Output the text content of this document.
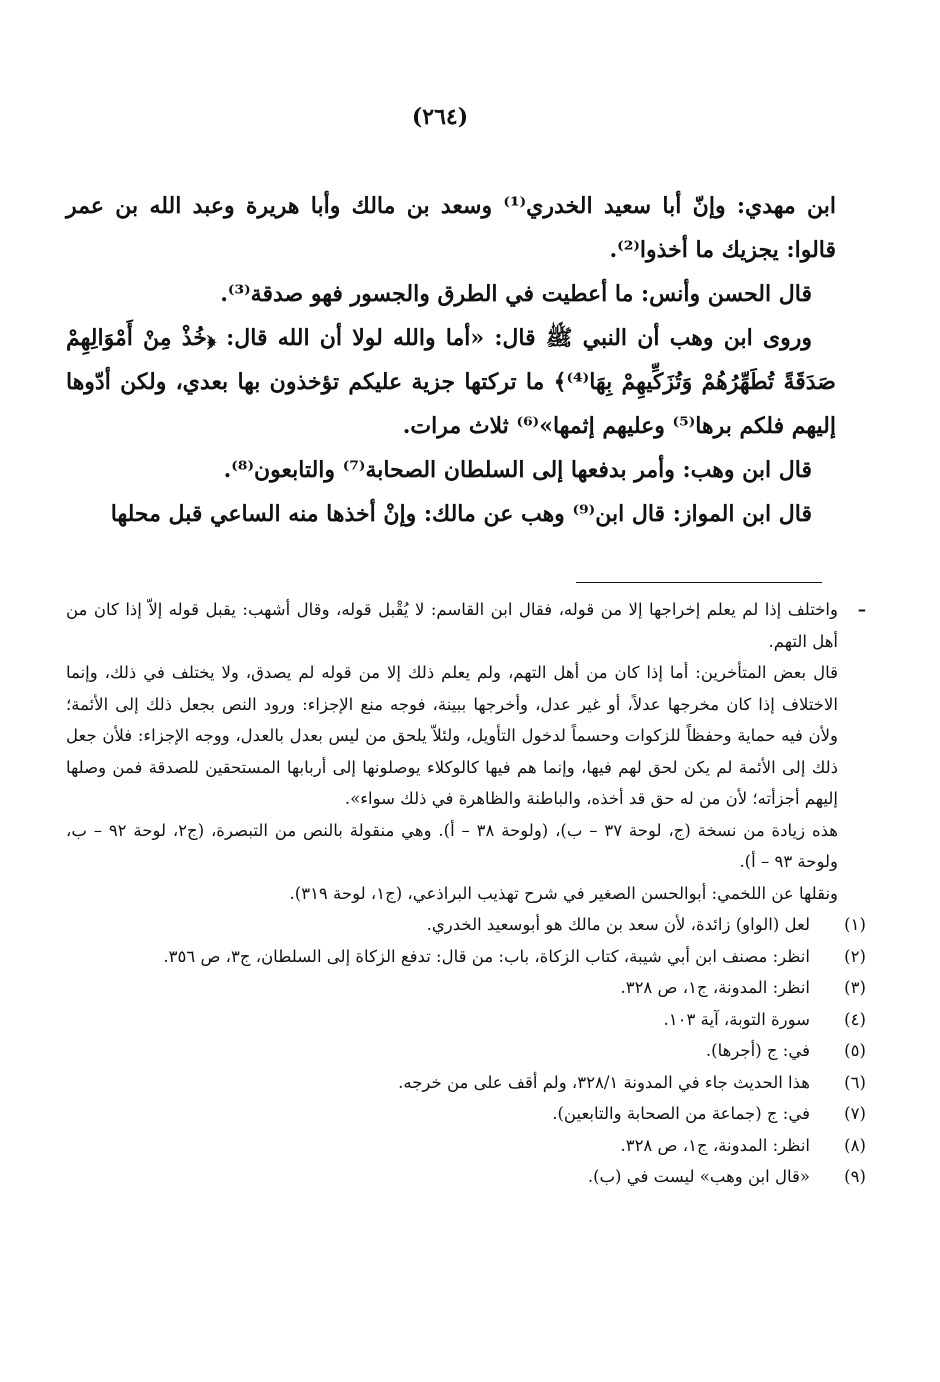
(٢٦٤)

ابن مهدي: وإنّ أبا سعيد الخدري⁽¹⁾ وسعد بن مالك وأبا هريرة وعبد الله بن عمر قالوا: يجزيك ما أخذوا⁽²⁾.

قال الحسن وأنس: ما أعطيت في الطرق والجسور فهو صدقة⁽³⁾.

وروى ابن وهب أن النبي ﷺ قال: «أما والله لولا أن الله قال: ﴿خُذْ مِنْ أَمْوَالِهِمْ صَدَقَةً تُطَهِّرُهُمْ وَتُزَكِّيهِمْ بِهَا⁽⁴⁾﴾ ما تركتها جزية عليكم تؤخذون بها بعدي، ولكن أدّوها إليهم فلكم برها⁽⁵⁾ وعليهم إثمها»⁽⁶⁾ ثلاث مرات.

قال ابن وهب: وأمر بدفعها إلى السلطان الصحابة⁽⁷⁾ والتابعون⁽⁸⁾.

قال ابن المواز: قال ابن⁽⁹⁾ وهب عن مالك: وإنْ أخذها منه الساعي قبل محلها

–

واختلف إذا لم يعلم إخراجها إلا من قوله، فقال ابن القاسم: لا يُقْبل قوله، وقال أشهب: يقبل قوله إلاّ إذا كان من أهل التهم.

قال بعض المتأخرين: أما إذا كان من أهل التهم، ولم يعلم ذلك إلا من قوله لم يصدق، ولا يختلف في ذلك، وإنما الاختلاف إذا كان مخرجها عدلاً، أو غير عدل، وأخرجها ببينة، فوجه منع الإجزاء: ورود النص بجعل ذلك إلى الأئمة؛ ولأن فيه حماية وحفظاً للزكوات وحسماً لدخول التأويل، ولئلاّ يلحق من ليس بعدل بالعدل، ووجه الإجزاء: فلأن جعل ذلك إلى الأئمة لم يكن لحق لهم فيها، وإنما هم فيها كالوكلاء يوصلونها إلى أربابها المستحقين للصدقة فمن وصلها إليهم أجزأته؛ لأن من له حق قد أخذه، والباطنة والظاهرة في ذلك سواء».

هذه زيادة من نسخة (ج، لوحة ٣٧ – ب)، (ولوحة ٣٨ – أ). وهي منقولة بالنص من التبصرة، (ج٢، لوحة ٩٢ – ب، ولوحة ٩٣ – أ).

ونقلها عن اللخمي: أبوالحسن الصغير في شرح تهذيب البراذعي، (ج١، لوحة ٣١٩).

(١)
لعل (الواو) زائدة، لأن سعد بن مالك هو أبوسعيد الخدري.
(٢)
انظر: مصنف ابن أبي شيبة، كتاب الزكاة، باب: من قال: تدفع الزكاة إلى السلطان، ج٣، ص ٣٥٦.
(٣)
انظر: المدونة، ج١، ص ٣٢٨.
(٤)
سورة التوبة، آية ١٠٣.
(٥)
في: ج (أجرها).
(٦)
هذا الحديث جاء في المدونة ٣٢٨/١، ولم أقف على من خرجه.
(٧)
في: ج (جماعة من الصحابة والتابعين).
(٨)
انظر: المدونة، ج١، ص ٣٢٨.
(٩)
«قال ابن وهب» ليست في (ب).
